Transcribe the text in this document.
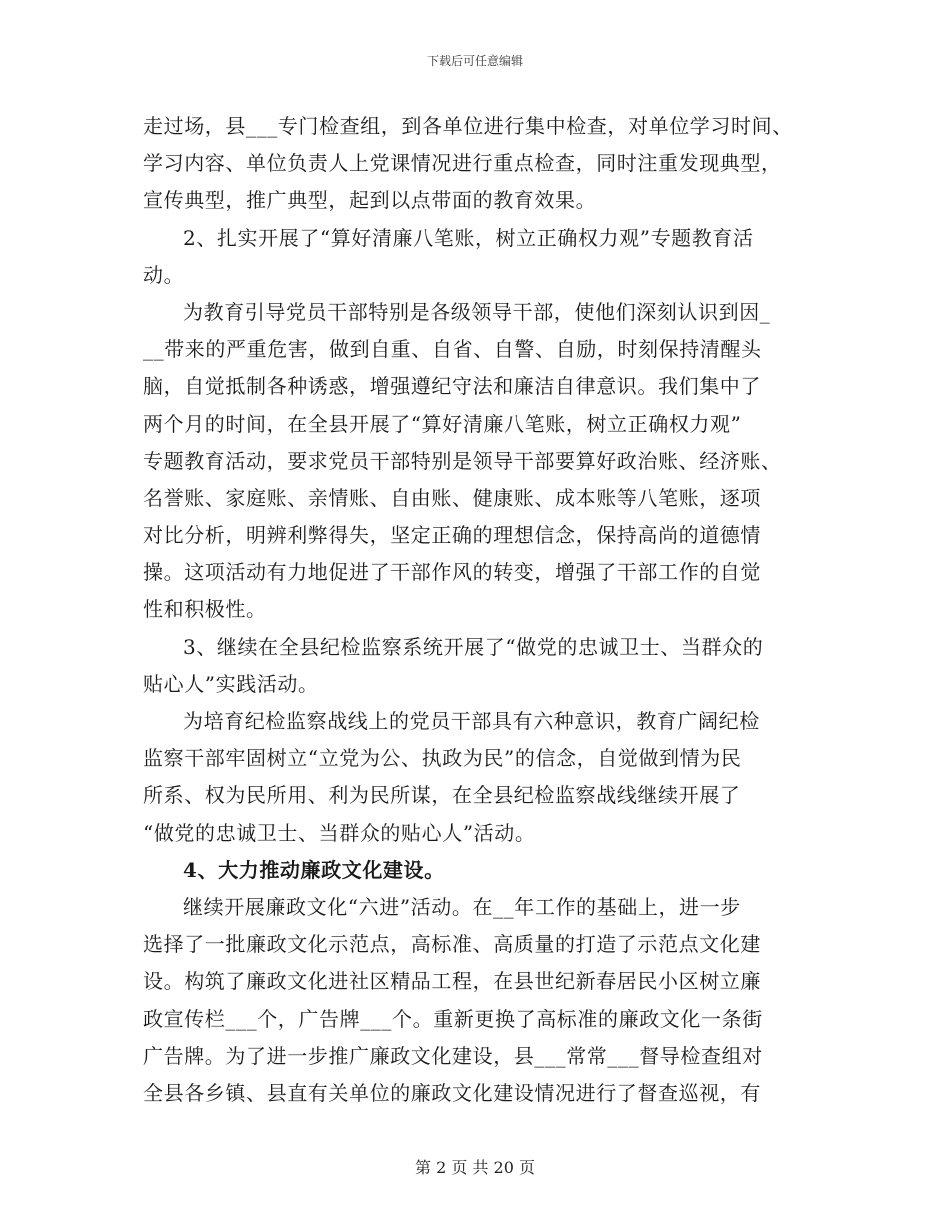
下载后可任意编辑
走过场，县___专门检查组，到各单位进行集中检查，对单位学习时间、
学习内容、单位负责人上党课情况进行重点检查，同时注重发现典型，
宣传典型，推广典型，起到以点带面的教育效果。
2、扎实开展了“算好清廉八笔账，树立正确权力观”专题教育活
动。
为教育引导党员干部特别是各级领导干部，使他们深刻认识到因_
__带来的严重危害，做到自重、自省、自警、自励，时刻保持清醒头
脑，自觉抵制各种诱惑，增强遵纪守法和廉洁自律意识。我们集中了
两个月的时间，在全县开展了“算好清廉八笔账，树立正确权力观”
专题教育活动，要求党员干部特别是领导干部要算好政治账、经济账、
名誉账、家庭账、亲情账、自由账、健康账、成本账等八笔账，逐项
对比分析，明辨利弊得失，坚定正确的理想信念，保持高尚的道德情
操。这项活动有力地促进了干部作风的转变，增强了干部工作的自觉
性和积极性。
3、继续在全县纪检监察系统开展了“做党的忠诚卫士、当群众的
贴心人”实践活动。
为培育纪检监察战线上的党员干部具有六种意识，教育广阔纪检
监察干部牢固树立“立党为公、执政为民”的信念，自觉做到情为民
所系、权为民所用、利为民所谋，在全县纪检监察战线继续开展了
“做党的忠诚卫士、当群众的贴心人”活动。
4、大力推动廉政文化建设。
继续开展廉政文化“六进”活动。在__年工作的基础上，进一步
选择了一批廉政文化示范点，高标准、高质量的打造了示范点文化建
设。构筑了廉政文化进社区精品工程，在县世纪新春居民小区树立廉
政宣传栏___个，广告牌___个。重新更换了高标准的廉政文化一条街
广告牌。为了进一步推广廉政文化建设，县___常常___督导检查组对
全县各乡镇、县直有关单位的廉政文化建设情况进行了督查巡视，有
第 2 页 共 20 页
